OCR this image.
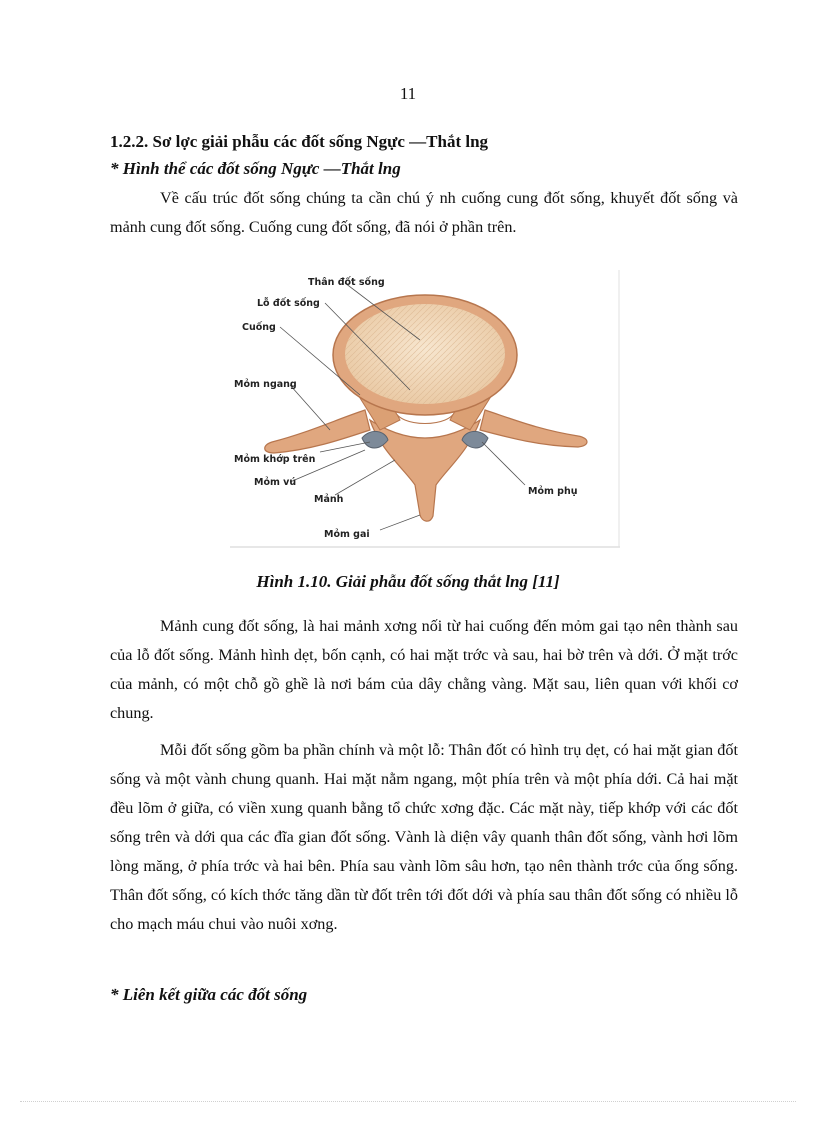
11
1.2.2. Sơ lợc giải phẫu các đốt sống Ngực —Thắt lng
* Hình thể các đốt sống Ngực —Thắt lng

Về cấu trúc đốt sống chúng ta cần chú ý nh cuống cung đốt sống, khuyết đốt sống và mảnh cung đốt sống. Cuống cung đốt sống, đã nói ở phần trên.

Thân đốt sống
Lỗ đốt sống
Cuống
Mỏm ngang
Mỏm khớp trên
Mỏm vú
Mảnh
Mỏm phụ
Mỏm gai
Hình 1.10. Giải phẫu đốt sống thắt lng [11]

Mảnh cung đốt sống, là hai mảnh xơng nối từ hai cuống đến mỏm gai tạo nên thành sau của lỗ đốt sống. Mảnh hình dẹt, bốn cạnh, có hai mặt trớc và sau, hai bờ trên và dới. Ở mặt trớc của mảnh, có một chỗ gồ ghề là nơi bám của dây chằng vàng. Mặt sau, liên quan với khối cơ chung.

Mỗi đốt sống gồm ba phần chính và một lỗ: Thân đốt có hình trụ dẹt, có hai mặt gian đốt sống và một vành chung quanh. Hai mặt nằm ngang, một phía trên và một phía dới. Cả hai mặt đều lõm ở giữa, có viền xung quanh bằng tổ chức xơng đặc. Các mặt này, tiếp khớp với các đốt sống trên và dới qua các đĩa gian đốt sống. Vành là diện vây quanh thân đốt sống, vành hơi lõm lòng măng, ở phía trớc và hai bên. Phía sau vành lõm sâu hơn, tạo nên thành trớc của ống sống. Thân đốt sống, có kích thớc tăng dần từ đốt trên tới đốt dới và phía sau thân đốt sống có nhiều lỗ cho mạch máu chui vào nuôi xơng.

* Liên kết giữa các đốt sống
